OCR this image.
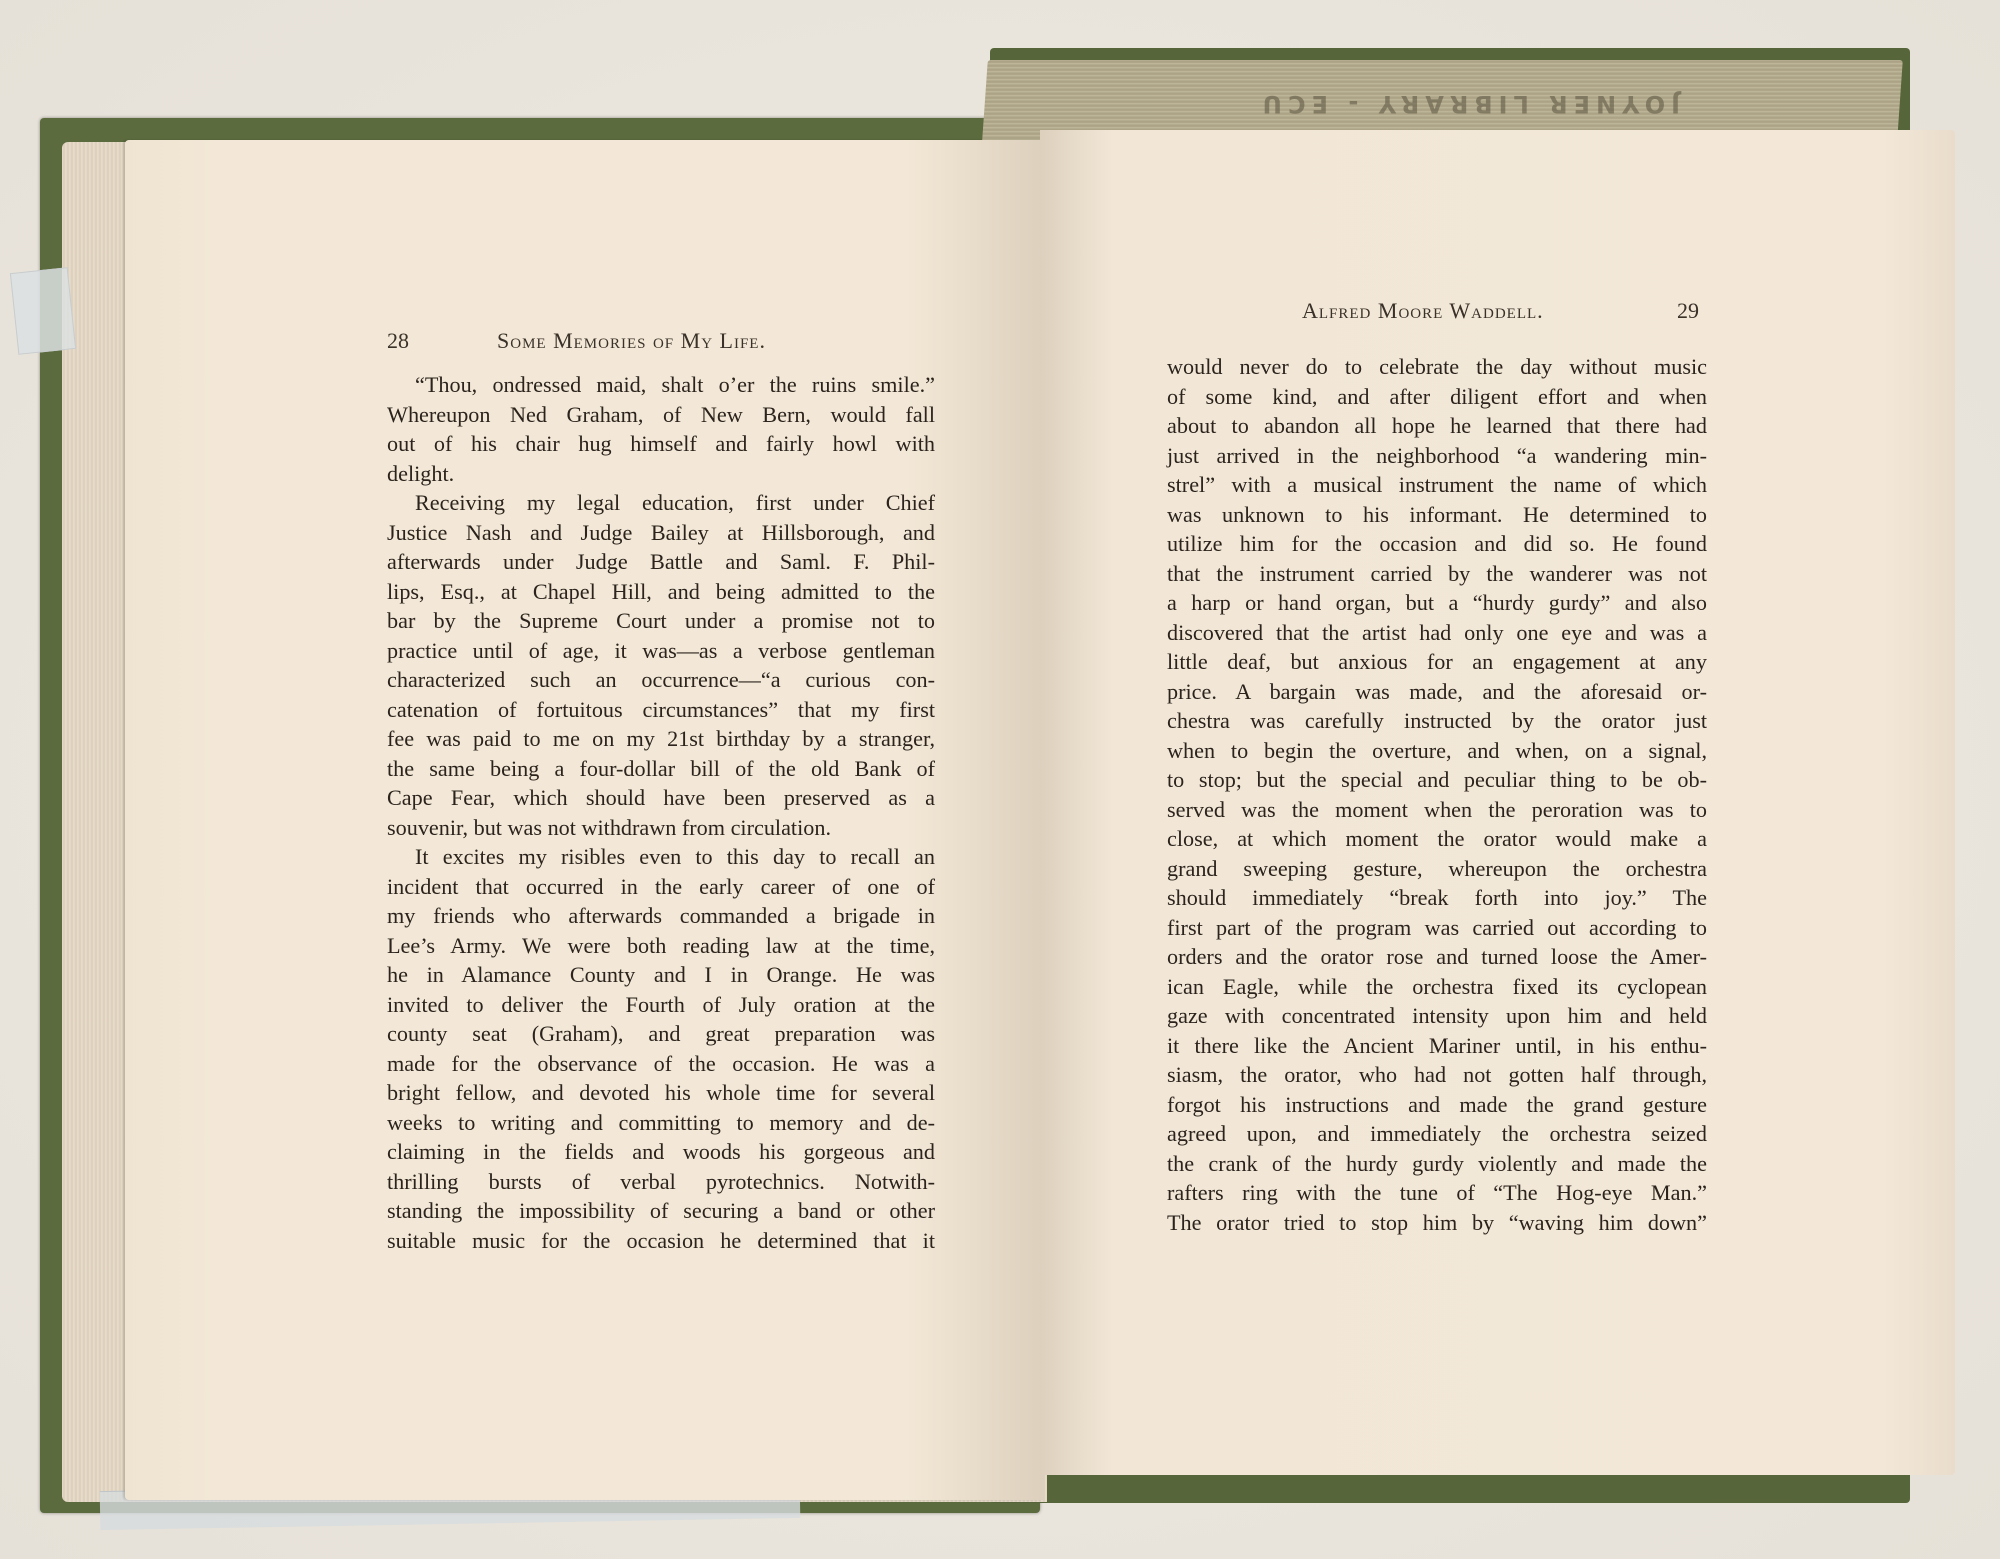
JOYNER LIBRARY - ECU
28	Some Memories of My Life.
“Thou, ondressed maid, shalt o’er the ruins smile.”
Whereupon Ned Graham, of New Bern, would fall
out of his chair hug himself and fairly howl with
delight.
Receiving my legal education, first under Chief
Justice Nash and Judge Bailey at Hillsborough, and
afterwards under Judge Battle and Saml. F. Phil-
lips, Esq., at Chapel Hill, and being admitted to the
bar by the Supreme Court under a promise not to
practice until of age, it was—as a verbose gentleman
characterized such an occurrence—“a curious con-
catenation of fortuitous circumstances” that my first
fee was paid to me on my 21st birthday by a stranger,
the same being a four-dollar bill of the old Bank of
Cape Fear, which should have been preserved as a
souvenir, but was not withdrawn from circulation.
It excites my risibles even to this day to recall an
incident that occurred in the early career of one of
my friends who afterwards commanded a brigade in
Lee’s Army. We were both reading law at the time,
he in Alamance County and I in Orange. He was
invited to deliver the Fourth of July oration at the
county seat (Graham), and great preparation was
made for the observance of the occasion. He was a
bright fellow, and devoted his whole time for several
weeks to writing and committing to memory and de-
claiming in the fields and woods his gorgeous and
thrilling bursts of verbal pyrotechnics. Notwith-
standing the impossibility of securing a band or other
suitable music for the occasion he determined that it
Alfred Moore Waddell.	29
would never do to celebrate the day without music
of some kind, and after diligent effort and when
about to abandon all hope he learned that there had
just arrived in the neighborhood “a wandering min-
strel” with a musical instrument the name of which
was unknown to his informant. He determined to
utilize him for the occasion and did so. He found
that the instrument carried by the wanderer was not
a harp or hand organ, but a “hurdy gurdy” and also
discovered that the artist had only one eye and was a
little deaf, but anxious for an engagement at any
price. A bargain was made, and the aforesaid or-
chestra was carefully instructed by the orator just
when to begin the overture, and when, on a signal,
to stop; but the special and peculiar thing to be ob-
served was the moment when the peroration was to
close, at which moment the orator would make a
grand sweeping gesture, whereupon the orchestra
should immediately “break forth into joy.” The
first part of the program was carried out according to
orders and the orator rose and turned loose the Amer-
ican Eagle, while the orchestra fixed its cyclopean
gaze with concentrated intensity upon him and held
it there like the Ancient Mariner until, in his enthu-
siasm, the orator, who had not gotten half through,
forgot his instructions and made the grand gesture
agreed upon, and immediately the orchestra seized
the crank of the hurdy gurdy violently and made the
rafters ring with the tune of “The Hog-eye Man.”
The orator tried to stop him by “waving him down”
